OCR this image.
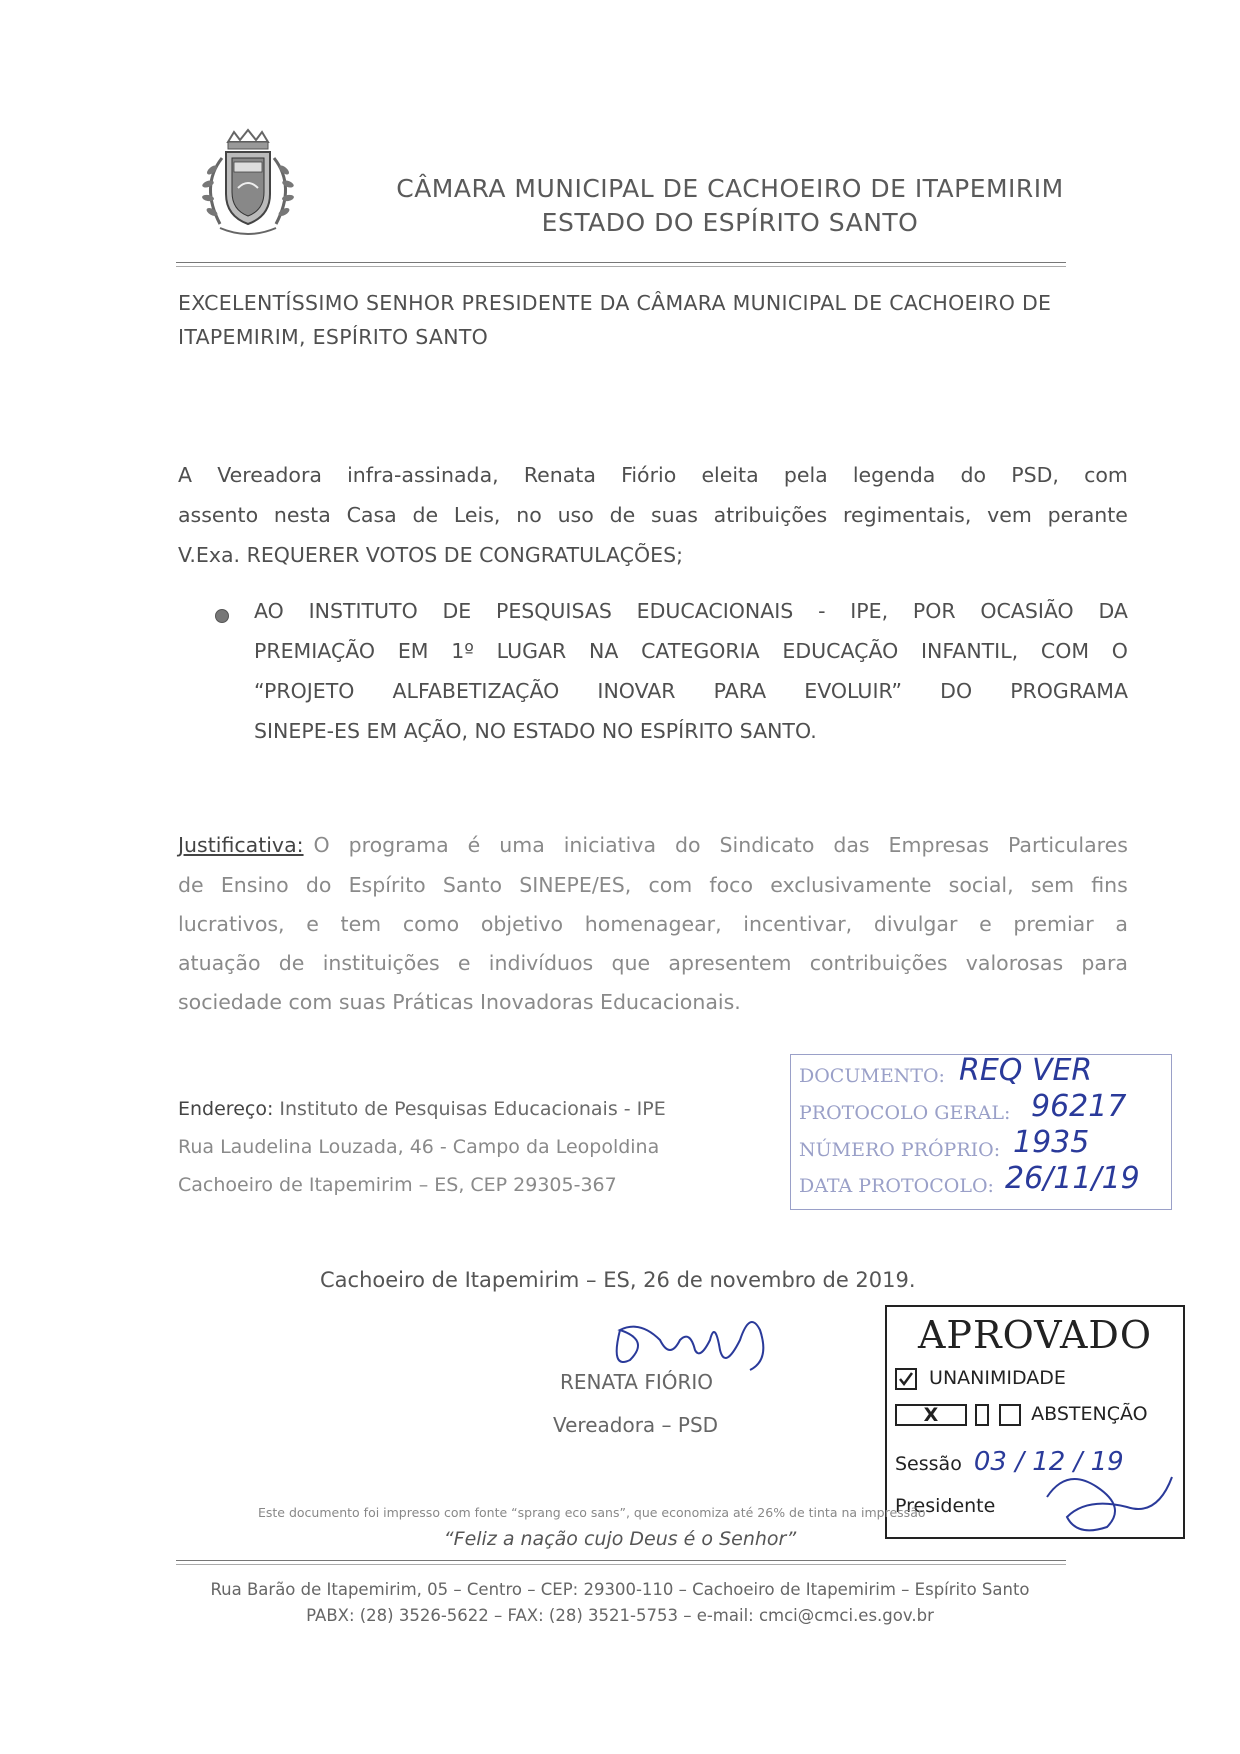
CÂMARA MUNICIPAL DE CACHOEIRO DE ITAPEMIRIM
ESTADO DO ESPÍRITO SANTO
EXCELENTÍSSIMO SENHOR PRESIDENTE DA CÂMARA MUNICIPAL DE CACHOEIRO DE ITAPEMIRIM, ESPÍRITO SANTO
A Vereadora infra-assinada, Renata Fiório eleita pela legenda do PSD, com
assento nesta Casa de Leis, no uso de suas atribuições regimentais, vem perante
V.Exa. REQUERER VOTOS DE CONGRATULAÇÕES;
AO INSTITUTO DE PESQUISAS EDUCACIONAIS - IPE, POR OCASIÃO DA
PREMIAÇÃO EM 1º LUGAR NA CATEGORIA EDUCAÇÃO INFANTIL, COM O
“PROJETO ALFABETIZAÇÃO INOVAR PARA EVOLUIR” DO PROGRAMA
SINEPE-ES EM AÇÃO, NO ESTADO NO ESPÍRITO SANTO.
Justificativa: O programa é uma iniciativa do Sindicato das Empresas Particulares
de Ensino do Espírito Santo SINEPE/ES, com foco exclusivamente social, sem fins
lucrativos, e tem como objetivo homenagear, incentivar, divulgar e premiar a
atuação de instituições e indivíduos que apresentem contribuições valorosas para
sociedade com suas Práticas Inovadoras Educacionais.
Endereço: Instituto de Pesquisas Educacionais - IPE
Rua Laudelina Louzada, 46 - Campo da Leopoldina
Cachoeiro de Itapemirim – ES, CEP 29305-367
DOCUMENTO: REQ VER
PROTOCOLO GERAL: 96217
NÚMERO PRÓPRIO: 1935
DATA PROTOCOLO: 26/11/19
Cachoeiro de Itapemirim – ES, 26 de novembro de 2019.
RENATA FIÓRIO
Vereadora – PSD
APROVADO
UNANIMIDADE
X	ABSTENÇÃO
Sessão 03 / 12 / 19
Presidente
Este documento foi impresso com fonte “sprang eco sans”, que economiza até 26% de tinta na impressão
“Feliz a nação cujo Deus é o Senhor”
Rua Barão de Itapemirim, 05 – Centro – CEP: 29300-110 – Cachoeiro de Itapemirim – Espírito Santo
PABX: (28) 3526-5622 – FAX: (28) 3521-5753 – e-mail: cmci@cmci.es.gov.br
